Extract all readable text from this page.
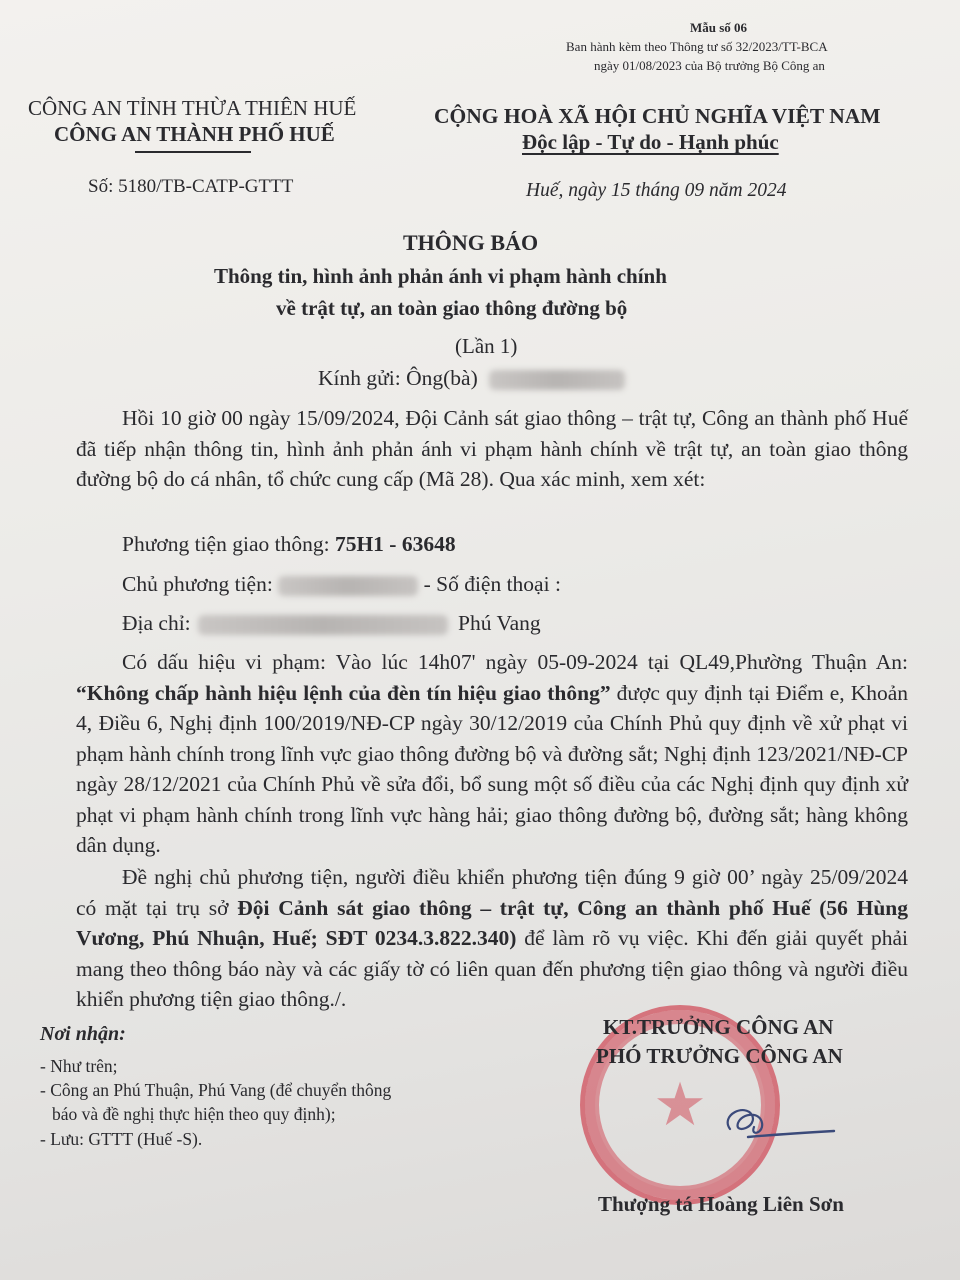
Mẫu số 06
Ban hành kèm theo Thông tư số 32/2023/TT-BCA
ngày 01/08/2023 của Bộ trưởng Bộ Công an
CÔNG AN TỈNH THỪA THIÊN HUẾ
CÔNG AN THÀNH PHỐ HUẾ
Số: 5180/TB-CATP-GTTT
CỘNG HOÀ XÃ HỘI CHỦ NGHĨA VIỆT NAM
Độc lập - Tự do - Hạnh phúc
Huế, ngày 15 tháng 09 năm 2024
THÔNG BÁO
Thông tin, hình ảnh phản ánh vi phạm hành chính
về trật tự, an toàn giao thông đường bộ
(Lần 1)
Kính gửi: Ông(bà)

Hồi 10 giờ 00 ngày 15/09/2024, Đội Cảnh sát giao thông – trật tự, Công an thành phố Huế đã tiếp nhận thông tin, hình ảnh phản ánh vi phạm hành chính về trật tự, an toàn giao thông đường bộ do cá nhân, tổ chức cung cấp (Mã 28). Qua xác minh, xem xét:

Phương tiện giao thông: 75H1 - 63648
Chủ phương tiện:	- Số điện thoại :
Địa chỉ:	Phú Vang

Có dấu hiệu vi phạm: Vào lúc 14h07' ngày 05-09-2024 tại QL49,Phường Thuận An: “Không chấp hành hiệu lệnh của đèn tín hiệu giao thông” được quy định tại Điểm e, Khoản 4, Điều 6, Nghị định 100/2019/NĐ-CP ngày 30/12/2019 của Chính Phủ quy định về xử phạt vi phạm hành chính trong lĩnh vực giao thông đường bộ và đường sắt; Nghị định 123/2021/NĐ-CP ngày 28/12/2021 của Chính Phủ về sửa đổi, bổ sung một số điều của các Nghị định quy định xử phạt vi phạm hành chính trong lĩnh vực hàng hải; giao thông đường bộ, đường sắt; hàng không dân dụng.

Đề nghị chủ phương tiện, người điều khiển phương tiện đúng 9 giờ 00’ ngày 25/09/2024 có mặt tại trụ sở Đội Cảnh sát giao thông – trật tự, Công an thành phố Huế (56 Hùng Vương, Phú Nhuận, Huế; SĐT 0234.3.822.340) để làm rõ vụ việc. Khi đến giải quyết phải mang theo thông báo này và các giấy tờ có liên quan đến phương tiện giao thông và người điều khiển phương tiện giao thông./.

Nơi nhận:
- Như trên;
- Công an Phú Thuận, Phú Vang (để chuyển thông
báo và đề nghị thực hiện theo quy định);
- Lưu: GTTT (Huế -S).
★
KT.TRƯỞNG CÔNG AN
PHÓ TRƯỞNG CÔNG AN
Thượng tá Hoàng Liên Sơn
